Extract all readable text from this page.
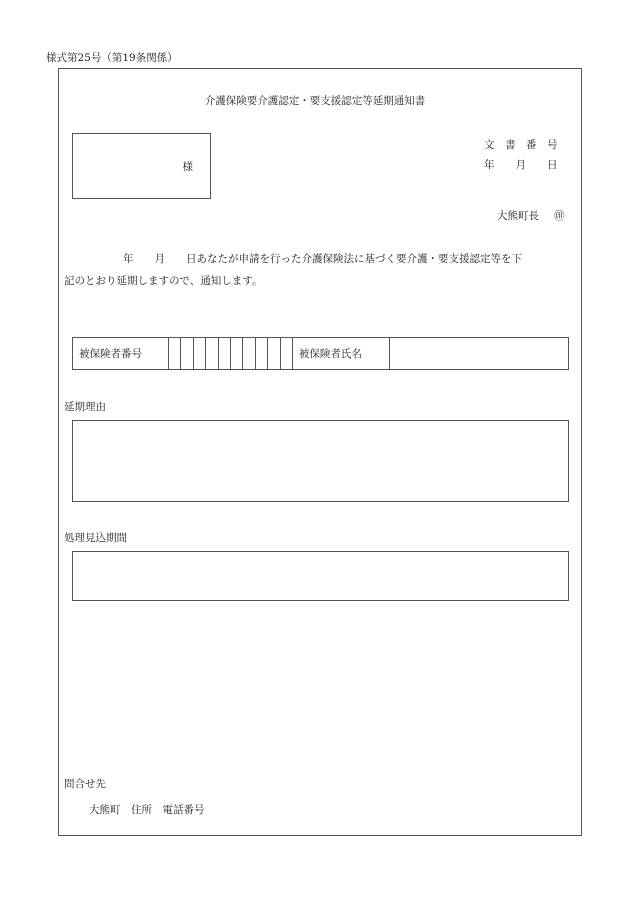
様式第25号（第19条関係）
介護保険要介護認定・要支援認定等延期通知書
様
文　書　番　号
年　　月　　日
大熊町長 ㊞
年　　月　　日あなたが申請を行った介護保険法に基づく要介護・要支援認定等を下
記のとおり延期しますので、通知します。
被保険者番号	被保険者氏名
延期理由
処理見込期間
問合せ先
大熊町　住所　電話番号
